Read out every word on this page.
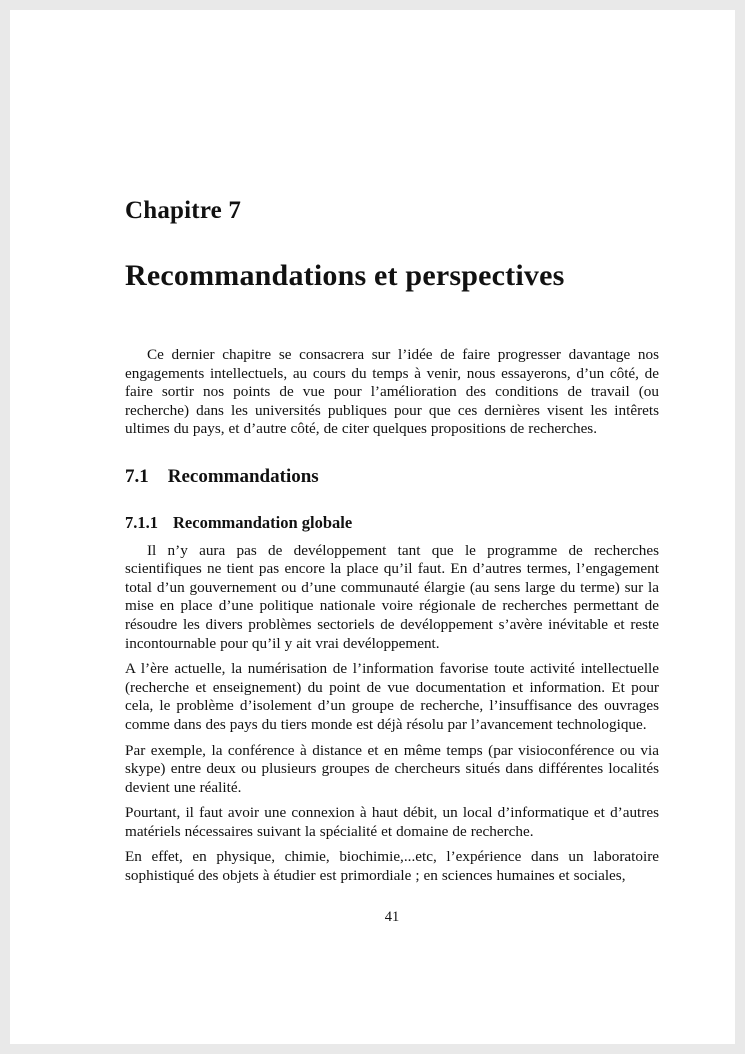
Chapitre 7
Recommandations et perspectives

Ce dernier chapitre se consacrera sur l’idée de faire progresser davantage nos engagements intellectuels, au cours du temps à venir, nous essayerons, d’un côté, de faire sortir nos points de vue pour l’amélioration des conditions de travail (ou recherche) dans les universités publiques pour que ces dernières visent les intêrets ultimes du pays, et d’autre côté, de citer quelques propositions de recherches.

7.1 Recommandations
7.1.1 Recommandation globale

Il n’y aura pas de devéloppement tant que le programme de recherches scientifiques ne tient pas encore la place qu’il faut. En d’autres termes, l’engagement total d’un gouvernement ou d’une communauté élargie (au sens large du terme) sur la mise en place d’une politique nationale voire régionale de recherches permettant de résoudre les divers problèmes sectoriels de devéloppement s’avère inévitable et reste incontournable pour qu’il y ait vrai devéloppement.

A l’ère actuelle, la numérisation de l’information favorise toute activité intellectuelle (recherche et enseignement) du point de vue documentation et information. Et pour cela, le problème d’isolement d’un groupe de recherche, l’insuffisance des ouvrages comme dans des pays du tiers monde est déjà résolu par l’avancement technologique.

Par exemple, la conférence à distance et en même temps (par visioconférence ou via skype) entre deux ou plusieurs groupes de chercheurs situés dans différentes localités devient une réalité.

Pourtant, il faut avoir une connexion à haut débit, un local d’informatique et d’autres matériels nécessaires suivant la spécialité et domaine de recherche.

En effet, en physique, chimie, biochimie,...etc, l’expérience dans un laboratoire sophistiqué des objets à étudier est primordiale ; en sciences humaines et sociales,

41
